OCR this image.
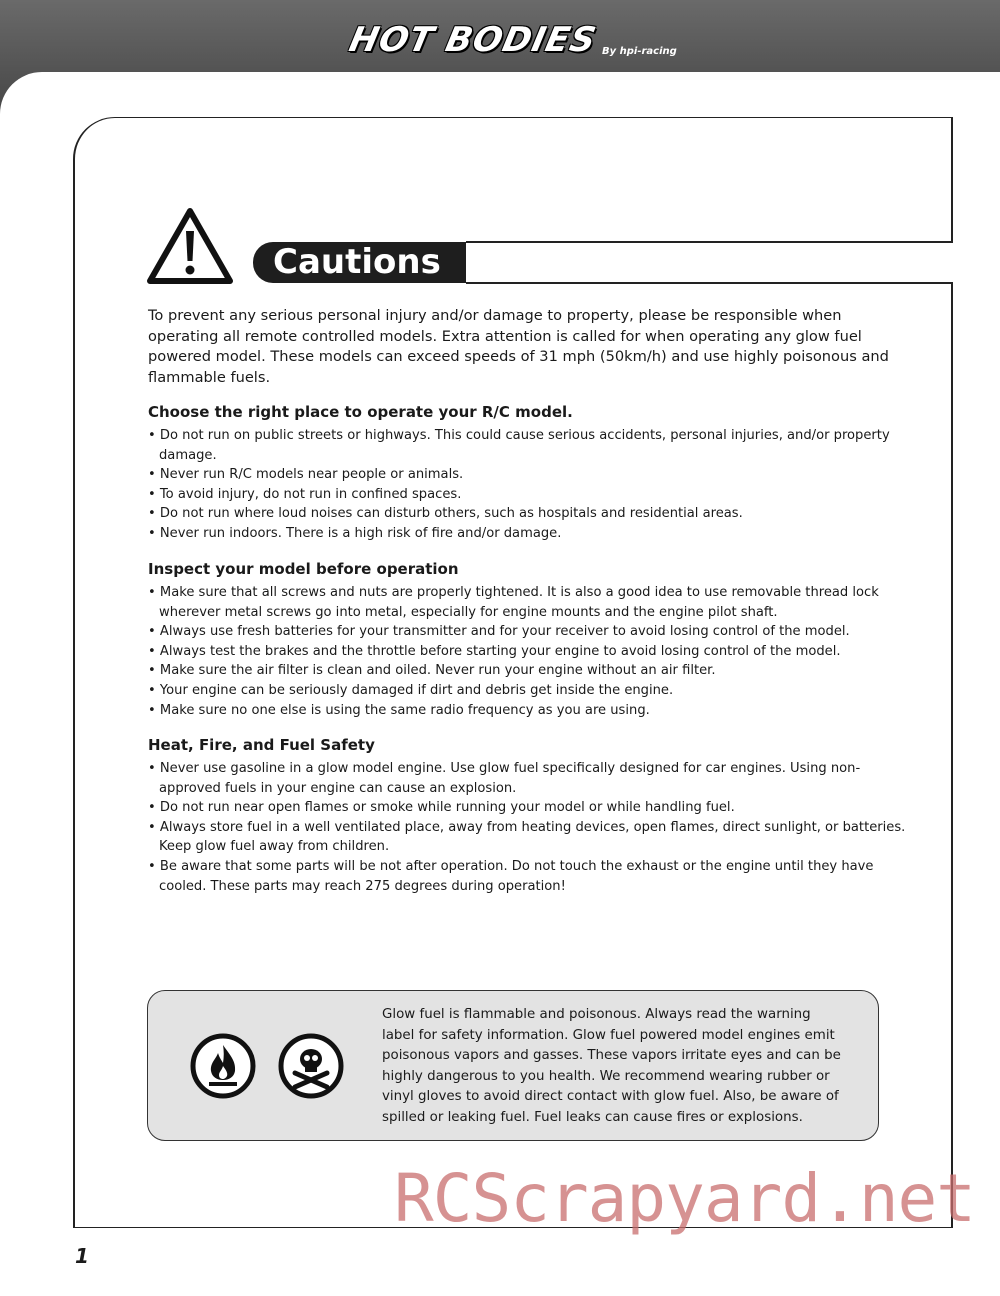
HOT BODIES By hpi-racing
Cautions

To prevent any serious personal injury and/or damage to property, please be responsible when operating all remote controlled models. Extra attention is called for when operating any glow fuel powered model. These models can exceed speeds of 31 mph (50km/h) and use highly poisonous and flammable fuels.

Choose the right place to operate your R/C model.
• Do not run on public streets or highways. This could cause serious accidents, personal injuries, and/or property damage.
• Never run R/C models near people or animals.
• To avoid injury, do not run in confined spaces.
• Do not run where loud noises can disturb others, such as hospitals and residential areas.
• Never run indoors. There is a high risk of fire and/or damage.
Inspect your model before operation
• Make sure that all screws and nuts are properly tightened. It is also a good idea to use removable thread lock wherever metal screws go into metal, especially for engine mounts and the engine pilot shaft.
• Always use fresh batteries for your transmitter and for your receiver to avoid losing control of the model.
• Always test the brakes and the throttle before starting your engine to avoid losing control of the model.
• Make sure the air filter is clean and oiled. Never run your engine without an air filter.
• Your engine can be seriously damaged if dirt and debris get inside the engine.
• Make sure no one else is using the same radio frequency as you are using.
Heat, Fire, and Fuel Safety
• Never use gasoline in a glow model engine. Use glow fuel specifically designed for car engines. Using non-approved fuels in your engine can cause an explosion.
• Do not run near open flames or smoke while running your model or while handling fuel.
• Always store fuel in a well ventilated place, away from heating devices, open flames, direct sunlight, or batteries. Keep glow fuel away from children.
• Be aware that some parts will be not after operation. Do not touch the exhaust or the engine until they have cooled. These parts may reach 275 degrees during operation!

Glow fuel is flammable and poisonous. Always read the warning label for safety information. Glow fuel powered model engines emit poisonous vapors and gasses. These vapors irritate eyes and can be highly dangerous to you health. We recommend wearing rubber or vinyl gloves to avoid direct contact with glow fuel. Also, be aware of spilled or leaking fuel. Fuel leaks can cause fires or explosions.

RCScrapyard.net
1
